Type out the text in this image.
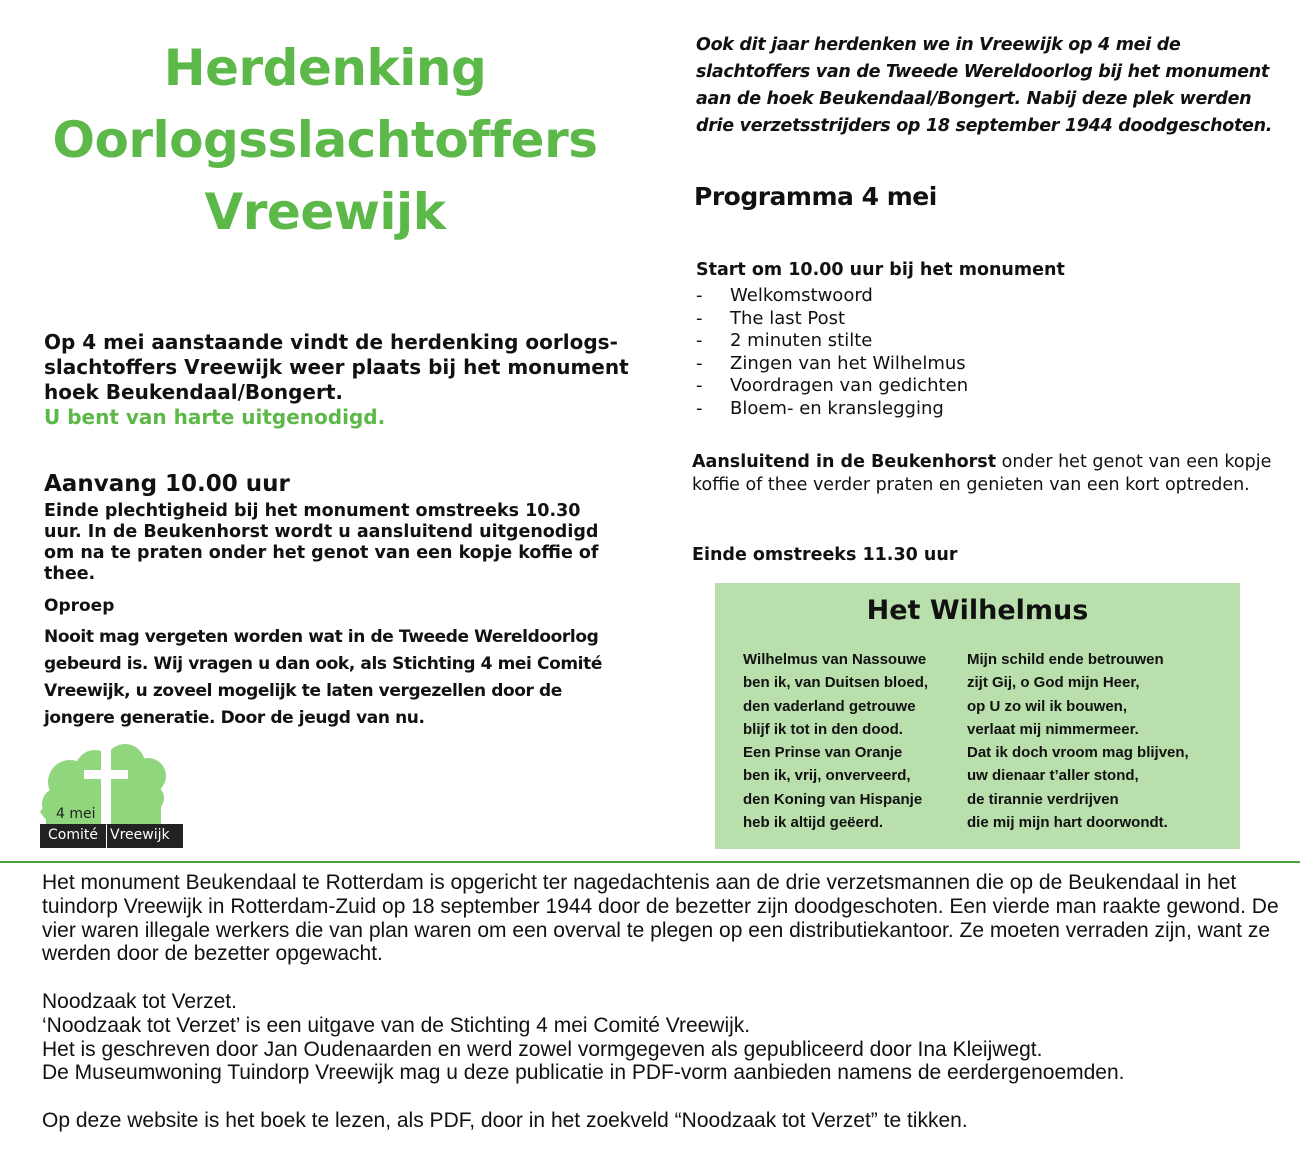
Herdenking
Oorlogsslachtoffers
Vreewijk
Op 4 mei aanstaande vindt de herdenking oorlogs-slachtoffers Vreewijk weer plaats bij het monument hoek Beukendaal/Bongert.
U bent van harte uitgenodigd.
Aanvang 10.00 uur
Einde plechtigheid bij het monument omstreeks 10.30 uur. In de Beukenhorst wordt u aansluitend uitgenodigd om na te praten onder het genot van een kopje koffie of thee.
Oproep
Nooit mag vergeten worden wat in de Tweede Wereldoorlog gebeurd is. Wij vragen u dan ook, als Stichting 4 mei Comité Vreewijk, u zoveel mogelijk te laten vergezellen door de jongere generatie. Door de jeugd van nu.
4 mei
Comité Vreewijk
Ook dit jaar herdenken we in Vreewijk op 4 mei de slachtoffers van de Tweede Wereldoorlog bij het monument aan de hoek Beukendaal/Bongert. Nabij deze plek werden drie verzetsstrijders op 18 september 1944 doodgeschoten.
Programma 4 mei
Start om 10.00 uur bij het monument
- Welkomstwoord
- The last Post
- 2 minuten stilte
- Zingen van het Wilhelmus
- Voordragen van gedichten
- Bloem- en kranslegging
Aansluitend in de Beukenhorst onder het genot van een kopje koffie of thee verder praten en genieten van een kort optreden.
Einde omstreeks 11.30 uur
Het Wilhelmus
Wilhelmus van Nassouwe
ben ik, van Duitsen bloed,
den vaderland getrouwe
blijf ik tot in den dood.
Een Prinse van Oranje
ben ik, vrij, onverveerd,
den Koning van Hispanje
heb ik altijd geëerd.
Mijn schild ende betrouwen
zijt Gij, o God mijn Heer,
op U zo wil ik bouwen,
verlaat mij nimmermeer.
Dat ik doch vroom mag blijven,
uw dienaar t’aller stond,
de tirannie verdrijven
die mij mijn hart doorwondt.

Het monument Beukendaal te Rotterdam is opgericht ter nagedachtenis aan de drie verzetsmannen die op de Beukendaal in het tuindorp Vreewijk in Rotterdam-Zuid op 18 september 1944 door de bezetter zijn doodgeschoten. Een vierde man raakte gewond. De vier waren illegale werkers die van plan waren om een overval te plegen op een distributiekantoor. Ze moeten verraden zijn, want ze werden door de bezetter opgewacht.

Noodzaak tot Verzet.

‘Noodzaak tot Verzet’ is een uitgave van de Stichting 4 mei Comité Vreewijk.

Het is geschreven door Jan Oudenaarden en werd zowel vormgegeven als gepubliceerd door Ina Kleijwegt.

De Museumwoning Tuindorp Vreewijk mag u deze publicatie in PDF-vorm aanbieden namens de eerdergenoemden.

Op deze website is het boek te lezen, als PDF, door in het zoekveld “Noodzaak tot Verzet” te tikken.
